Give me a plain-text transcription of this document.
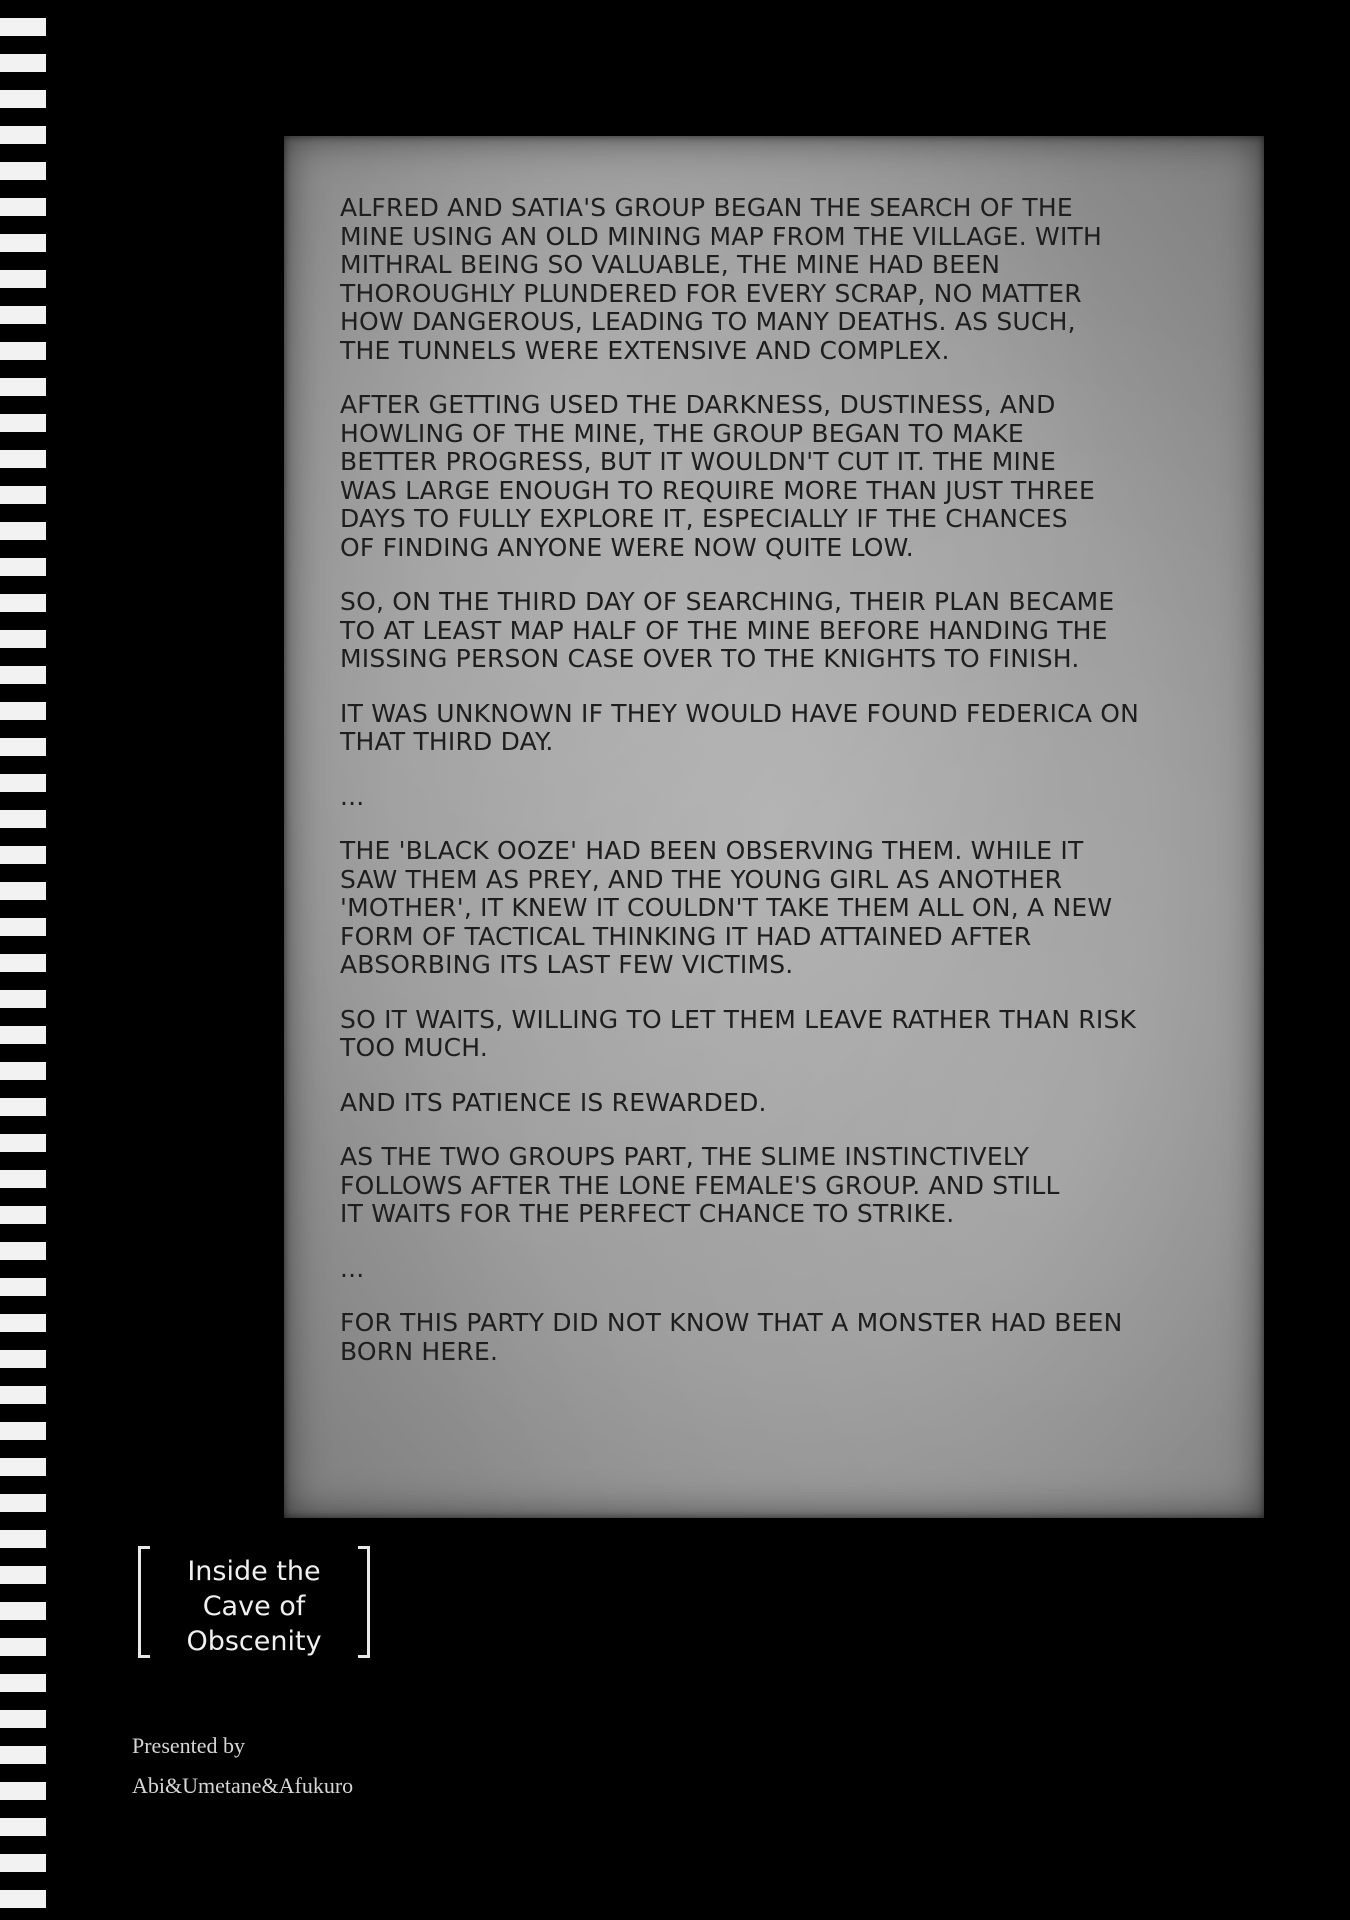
ALFRED AND SATIA'S GROUP BEGAN THE SEARCH OF THE
MINE USING AN OLD MINING MAP FROM THE VILLAGE. WITH
MITHRAL BEING SO VALUABLE, THE MINE HAD BEEN
THOROUGHLY PLUNDERED FOR EVERY SCRAP, NO MATTER
HOW DANGEROUS, LEADING TO MANY DEATHS. AS SUCH,
THE TUNNELS WERE EXTENSIVE AND COMPLEX.

AFTER GETTING USED THE DARKNESS, DUSTINESS, AND
HOWLING OF THE MINE, THE GROUP BEGAN TO MAKE
BETTER PROGRESS, BUT IT WOULDN'T CUT IT. THE MINE
WAS LARGE ENOUGH TO REQUIRE MORE THAN JUST THREE
DAYS TO FULLY EXPLORE IT, ESPECIALLY IF THE CHANCES
OF FINDING ANYONE WERE NOW QUITE LOW.

SO, ON THE THIRD DAY OF SEARCHING, THEIR PLAN BECAME
TO AT LEAST MAP HALF OF THE MINE BEFORE HANDING THE
MISSING PERSON CASE OVER TO THE KNIGHTS TO FINISH.

IT WAS UNKNOWN IF THEY WOULD HAVE FOUND FEDERICA ON
THAT THIRD DAY.

...

THE 'BLACK OOZE' HAD BEEN OBSERVING THEM. WHILE IT
SAW THEM AS PREY, AND THE YOUNG GIRL AS ANOTHER
'MOTHER', IT KNEW IT COULDN'T TAKE THEM ALL ON, A NEW
FORM OF TACTICAL THINKING IT HAD ATTAINED AFTER
ABSORBING ITS LAST FEW VICTIMS.

SO IT WAITS, WILLING TO LET THEM LEAVE RATHER THAN RISK
TOO MUCH.

AND ITS PATIENCE IS REWARDED.

AS THE TWO GROUPS PART, THE SLIME INSTINCTIVELY
FOLLOWS AFTER THE LONE FEMALE'S GROUP. AND STILL
IT WAITS FOR THE PERFECT CHANCE TO STRIKE.

...

FOR THIS PARTY DID NOT KNOW THAT A MONSTER HAD BEEN
BORN HERE.

Inside the
Cave of
Obscenity
Presented by
Abi&Umetane&Afukuro
